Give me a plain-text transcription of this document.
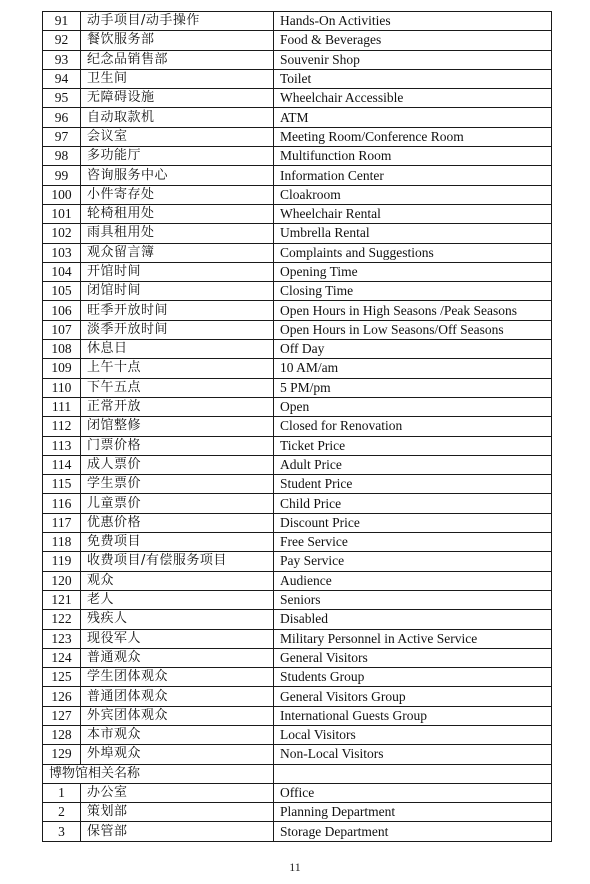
91	动手项目/动手操作	Hands-On Activities
92	餐饮服务部	Food & Beverages
93	纪念品销售部	Souvenir Shop
94	卫生间	Toilet
95	无障碍设施	Wheelchair Accessible
96	自动取款机	ATM
97	会议室	Meeting Room/Conference Room
98	多功能厅	Multifunction Room
99	咨询服务中心	Information Center
100	小件寄存处	Cloakroom
101	轮椅租用处	Wheelchair Rental
102	雨具租用处	Umbrella Rental
103	观众留言簿	Complaints and Suggestions
104	开馆时间	Opening Time
105	闭馆时间	Closing Time
106	旺季开放时间	Open Hours in High Seasons /Peak Seasons
107	淡季开放时间	Open Hours in Low Seasons/Off Seasons
108	休息日	Off Day
109	上午十点	10 AM/am
110	下午五点	5 PM/pm
111	正常开放	Open
112	闭馆整修	Closed for Renovation
113	门票价格	Ticket Price
114	成人票价	Adult Price
115	学生票价	Student Price
116	儿童票价	Child Price
117	优惠价格	Discount Price
118	免费项目	Free Service
119	收费项目/有偿服务项目	Pay Service
120	观众	Audience
121	老人	Seniors
122	残疾人	Disabled
123	现役军人	Military Personnel in Active Service
124	普通观众	General Visitors
125	学生团体观众	Students Group
126	普通团体观众	General Visitors Group
127	外宾团体观众	International Guests Group
128	本市观众	Local Visitors
129	外埠观众	Non-Local Visitors
博物馆相关名称		
1	办公室	Office
2	策划部	Planning Department
3	保管部	Storage Department
11
